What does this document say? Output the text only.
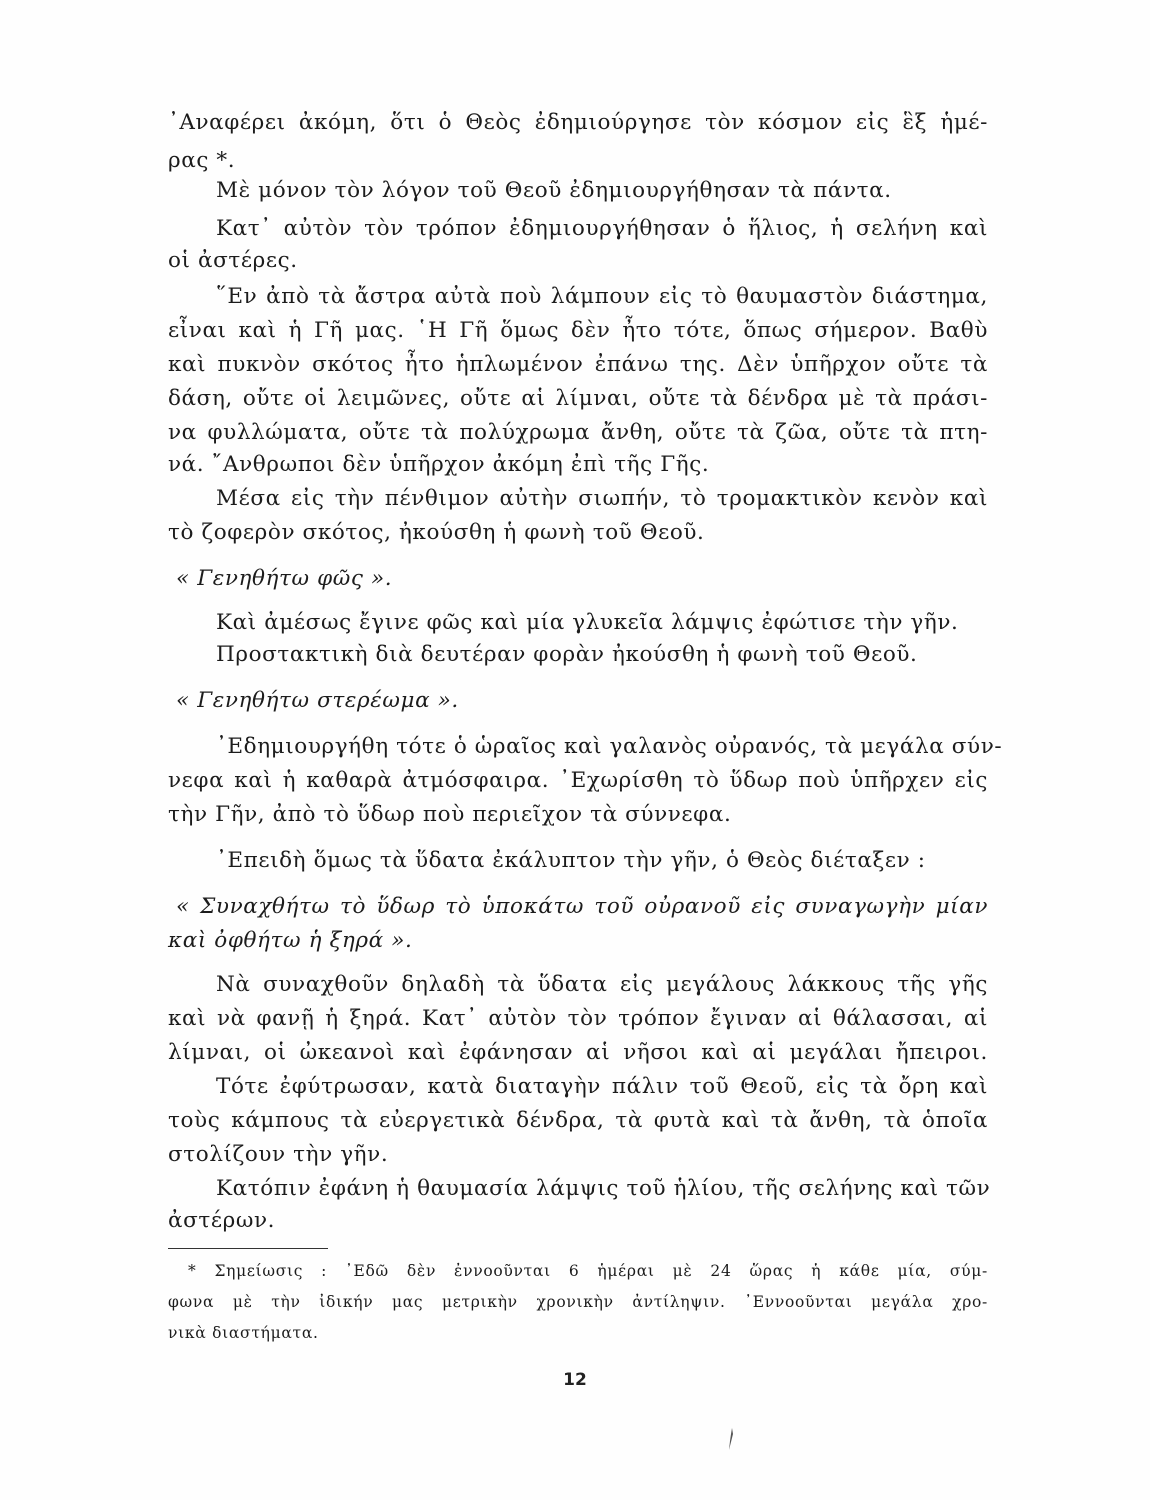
᾿Αναφέρει ἀκόμη, ὅτι ὁ Θεὸς ἐδημιούργησε τὸν κόσμον εἰς ἓξ ἡμέ-
ρας *.
Μὲ μόνον τὸν λόγον τοῦ Θεοῦ ἐδημιουργήθησαν τὰ πάντα.
Κατ᾿ αὐτὸν τὸν τρόπον ἐδημιουργήθησαν ὁ ἥλιος, ἡ σελήνη καὶ
οἱ ἀστέρες.
῞Εν ἀπὸ τὰ ἄστρα αὐτὰ ποὺ λάμπουν εἰς τὸ θαυμαστὸν διάστημα,
εἶναι καὶ ἡ Γῆ μας. ῾Η Γῆ ὅμως δὲν ἦτο τότε, ὅπως σήμερον. Βαθὺ
καὶ πυκνὸν σκότος ἦτο ἡπλωμένον ἐπάνω της. Δὲν ὑπῆρχον οὔτε τὰ
δάση, οὔτε οἱ λειμῶνες, οὔτε αἱ λίμναι, οὔτε τὰ δένδρα μὲ τὰ πράσι-
να φυλλώματα, οὔτε τὰ πολύχρωμα ἄνθη, οὔτε τὰ ζῶα, οὔτε τὰ πτη-
νά. ῎Ανθρωποι δὲν ὑπῆρχον ἀκόμη ἐπὶ τῆς Γῆς.
Μέσα εἰς τὴν πένθιμον αὐτὴν σιωπήν, τὸ τρομακτικὸν κενὸν καὶ
τὸ ζοφερὸν σκότος, ἠκούσθη ἡ φωνὴ τοῦ Θεοῦ.
« Γενηθήτω φῶς ».
Καὶ ἀμέσως ἔγινε φῶς καὶ μία γλυκεῖα λάμψις ἐφώτισε τὴν γῆν.
Προστακτικὴ διὰ δευτέραν φορὰν ἠκούσθη ἡ φωνὴ τοῦ Θεοῦ.
« Γενηθήτω στερέωμα ».
᾿Εδημιουργήθη τότε ὁ ὡραῖος καὶ γαλανὸς οὐρανός, τὰ μεγάλα σύν-
νεφα καὶ ἡ καθαρὰ ἀτμόσφαιρα. ᾿Εχωρίσθη τὸ ὕδωρ ποὺ ὑπῆρχεν εἰς
τὴν Γῆν, ἀπὸ τὸ ὕδωρ ποὺ περιεῖχον τὰ σύννεφα.
᾿Επειδὴ ὅμως τὰ ὕδατα ἐκάλυπτον τὴν γῆν, ὁ Θεὸς διέταξεν :
« Συναχθήτω τὸ ὕδωρ τὸ ὑποκάτω τοῦ οὐρανοῦ εἰς συναγωγὴν μίαν
καὶ ὀφθήτω ἡ ξηρά ».
Νὰ συναχθοῦν δηλαδὴ τὰ ὕδατα εἰς μεγάλους λάκκους τῆς γῆς
καὶ νὰ φανῇ ἡ ξηρά. Κατ᾿ αὐτὸν τὸν τρόπον ἔγιναν αἱ θάλασσαι, αἱ
λίμναι, οἱ ὠκεανοὶ καὶ ἐφάνησαν αἱ νῆσοι καὶ αἱ μεγάλαι ἤπειροι.
Τότε ἐφύτρωσαν, κατὰ διαταγὴν πάλιν τοῦ Θεοῦ, εἰς τὰ ὄρη καὶ
τοὺς κάμπους τὰ εὐεργετικὰ δένδρα, τὰ φυτὰ καὶ τὰ ἄνθη, τὰ ὁποῖα
στολίζουν τὴν γῆν.
Κατόπιν ἐφάνη ἡ θαυμασία λάμψις τοῦ ἡλίου, τῆς σελήνης καὶ τῶν
ἀστέρων.
* Σημείωσις : ᾿Εδῶ δὲν ἐννοοῦνται 6 ἡμέραι μὲ 24 ὥρας ἡ κάθε μία, σύμ-
φωνα μὲ τὴν ἰδικήν μας μετρικὴν χρονικὴν ἀντίληψιν. ᾿Εννοοῦνται μεγάλα χρο-
νικὰ διαστήματα.
12
